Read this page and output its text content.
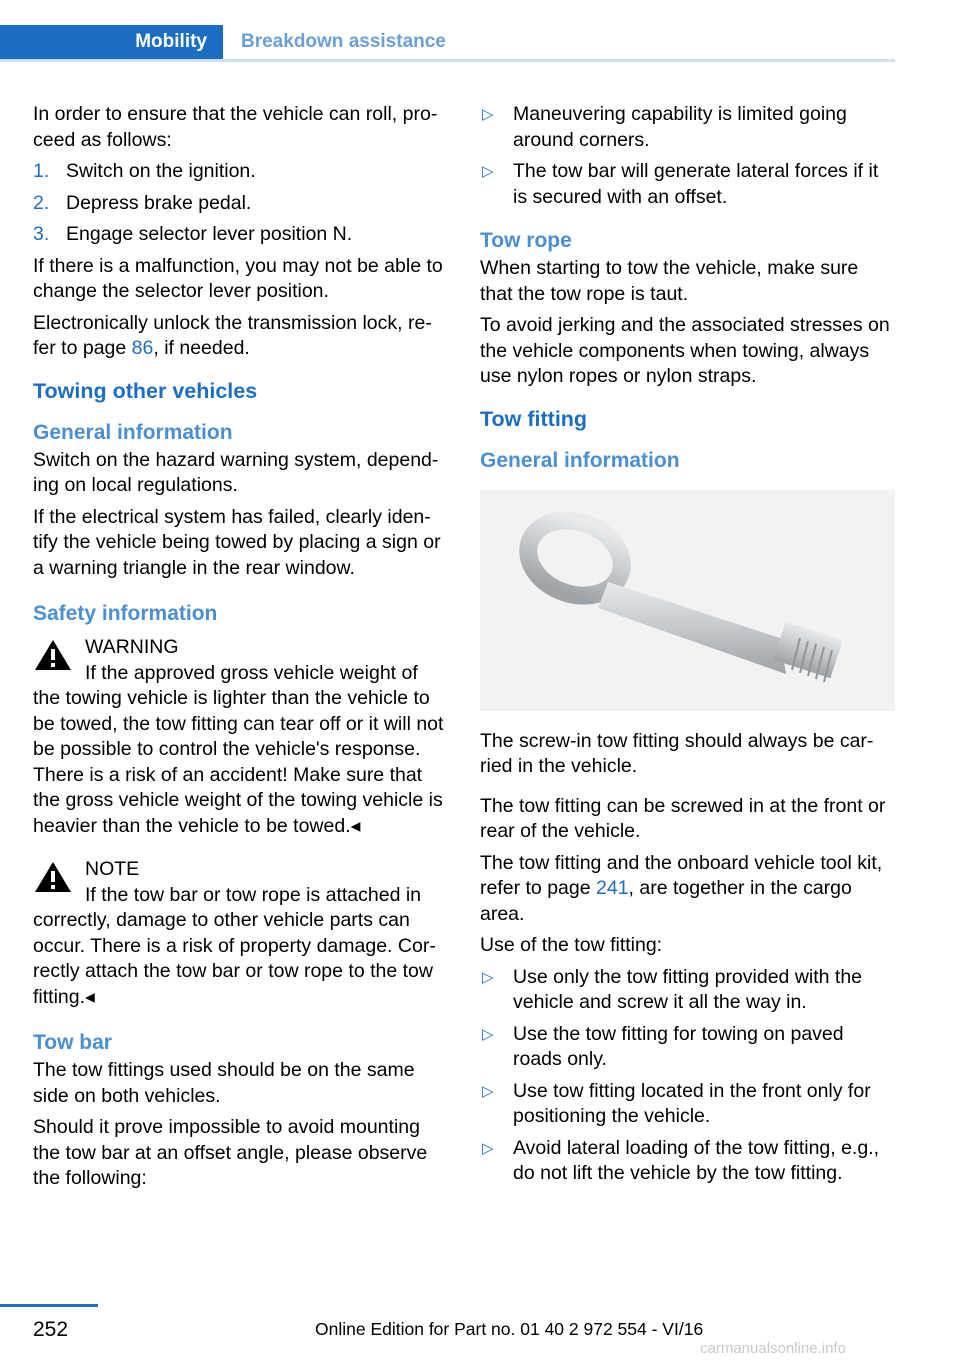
Mobility	Breakdown assistance

In order to ensure that the vehicle can roll, proceed as follows:

1. Switch on the ignition.
2. Depress brake pedal.
3. Engage selector lever position N.

If there is a malfunction, you may not be able to change the selector lever position.

Electronically unlock the transmission lock, refer to page 86, if needed.

Towing other vehicles
General information

Switch on the hazard warning system, depending on local regulations.

If the electrical system has failed, clearly identify the vehicle being towed by placing a sign or a warning triangle in the rear window.

Safety information
WARNING
If the approved gross vehicle weight of
the towing vehicle is lighter than the vehicle to be towed, the tow fitting can tear off or it will not be possible to control the vehicle's response. There is a risk of an accident! Make sure that the gross vehicle weight of the towing vehicle is heavier than the vehicle to be towed.◂
NOTE
If the tow bar or tow rope is attached in
correctly, damage to other vehicle parts can occur. There is a risk of property damage. Correctly attach the tow bar or tow rope to the tow fitting.◂
Tow bar

The tow fittings used should be on the same side on both vehicles.

Should it prove impossible to avoid mounting the tow bar at an offset angle, please observe the following:

▷ Maneuvering capability is limited going around corners.
▷ The tow bar will generate lateral forces if it is secured with an offset.
Tow rope

When starting to tow the vehicle, make sure that the tow rope is taut.

To avoid jerking and the associated stresses on the vehicle components when towing, always use nylon ropes or nylon straps.

Tow fitting
General information

The screw-in tow fitting should always be carried in the vehicle.

The tow fitting can be screwed in at the front or rear of the vehicle.

The tow fitting and the onboard vehicle tool kit, refer to page 241, are together in the cargo area.

Use of the tow fitting:

▷ Use only the tow fitting provided with the vehicle and screw it all the way in.
▷ Use the tow fitting for towing on paved roads only.
▷ Use tow fitting located in the front only for positioning the vehicle.
▷ Avoid lateral loading of the tow fitting, e.g., do not lift the vehicle by the tow fitting.
252	Online Edition for Part no. 01 40 2 972 554 - VI/16
carmanualsonline.info
